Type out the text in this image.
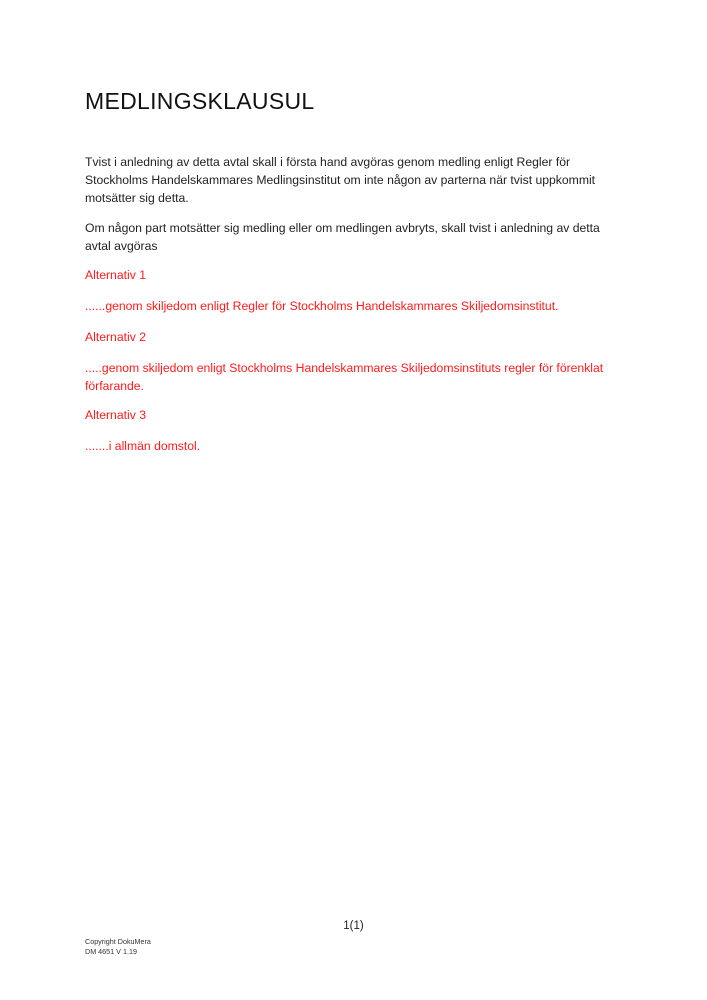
MEDLINGSKLAUSUL

Tvist i anledning av detta avtal skall i första hand avgöras genom medling enligt Regler för Stockholms Handelskammares Medlingsinstitut om inte någon av parterna när tvist uppkommit motsätter sig detta.

Om någon part motsätter sig medling eller om medlingen avbryts, skall tvist i anledning av detta avtal avgöras

Alternativ 1

......genom skiljedom enligt Regler för Stockholms Handelskammares Skiljedomsinstitut.

Alternativ 2

.....genom skiljedom enligt Stockholms Handelskammares Skiljedomsinstituts regler för förenklat förfarande.

Alternativ 3

.......i allmän domstol.

1(1)

Copyright DokuMera
DM 4651 V 1.19
